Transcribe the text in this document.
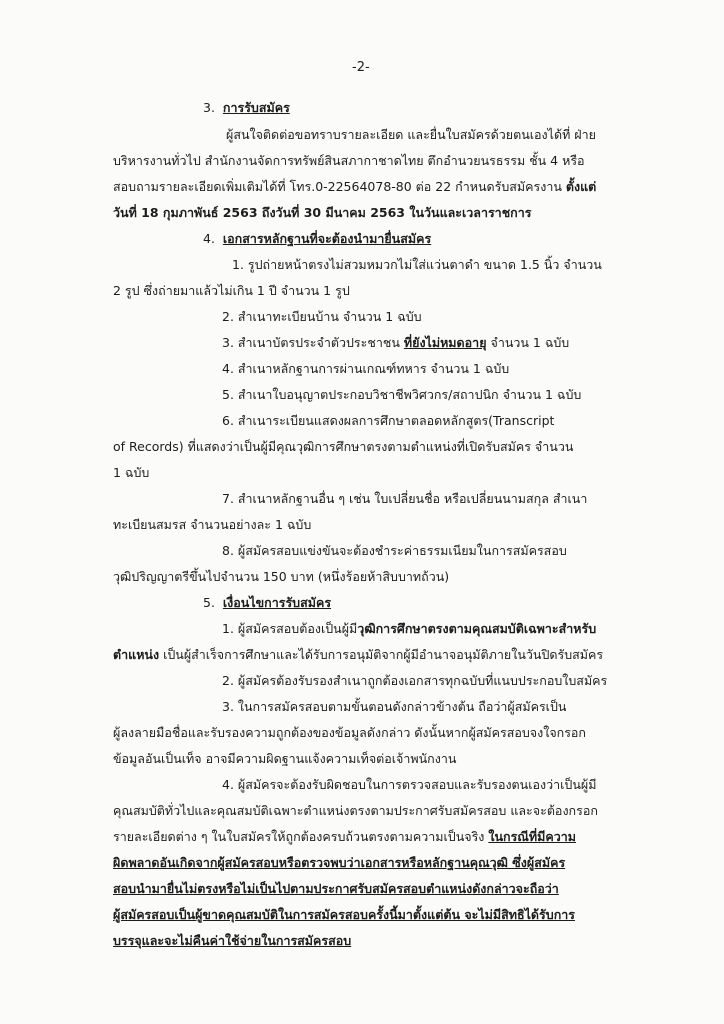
-2-
3. การรับสมัคร
ผู้สนใจติดต่อขอทราบรายละเอียด และยื่นใบสมัครด้วยตนเองได้ที่ ฝ่าย
บริหารงานทั่วไป สำนักงานจัดการทรัพย์สินสภากาชาดไทย ตึกอำนวยนรธรรม ชั้น 4 หรือ
สอบถามรายละเอียดเพิ่มเติมได้ที่ โทร.0-22564078-80 ต่อ 22 กำหนดรับสมัครงาน ตั้งแต่
วันที่ 18 กุมภาพันธ์ 2563 ถึงวันที่ 30 มีนาคม 2563 ในวันและเวลาราชการ
4. เอกสารหลักฐานที่จะต้องนำมายื่นสมัคร
1. รูปถ่ายหน้าตรงไม่สวมหมวกไม่ใส่แว่นตาดำ ขนาด 1.5 นิ้ว จำนวน
2 รูป ซึ่งถ่ายมาแล้วไม่เกิน 1 ปี จำนวน 1 รูป
2. สำเนาทะเบียนบ้าน จำนวน 1 ฉบับ
3. สำเนาบัตรประจำตัวประชาชน ที่ยังไม่หมดอายุ จำนวน 1 ฉบับ
4. สำเนาหลักฐานการผ่านเกณฑ์ทหาร จำนวน 1 ฉบับ
5. สำเนาใบอนุญาตประกอบวิชาชีพวิศวกร/สถาปนิก จำนวน 1 ฉบับ
6. สำเนาระเบียนแสดงผลการศึกษาตลอดหลักสูตร(Transcript
of Records) ที่แสดงว่าเป็นผู้มีคุณวุฒิการศึกษาตรงตามตำแหน่งที่เปิดรับสมัคร จำนวน
1 ฉบับ
7. สำเนาหลักฐานอื่น ๆ เช่น ใบเปลี่ยนชื่อ หรือเปลี่ยนนามสกุล สำเนา
ทะเบียนสมรส จำนวนอย่างละ 1 ฉบับ
8. ผู้สมัครสอบแข่งขันจะต้องชำระค่าธรรมเนียมในการสมัครสอบ
วุฒิปริญญาตรีขึ้นไปจำนวน 150 บาท (หนึ่งร้อยห้าสิบบาทถ้วน)
5. เงื่อนไขการรับสมัคร
1. ผู้สมัครสอบต้องเป็นผู้มีวุฒิการศึกษาตรงตามคุณสมบัติเฉพาะสำหรับ
ตำแหน่ง เป็นผู้สำเร็จการศึกษาและได้รับการอนุมัติจากผู้มีอำนาจอนุมัติภายในวันปิดรับสมัคร
2. ผู้สมัครต้องรับรองสำเนาถูกต้องเอกสารทุกฉบับที่แนบประกอบใบสมัคร
3. ในการสมัครสอบตามขั้นตอนดังกล่าวข้างต้น ถือว่าผู้สมัครเป็น
ผู้ลงลายมือชื่อและรับรองความถูกต้องของข้อมูลดังกล่าว ดังนั้นหากผู้สมัครสอบจงใจกรอก
ข้อมูลอันเป็นเท็จ อาจมีความผิดฐานแจ้งความเท็จต่อเจ้าพนักงาน
4. ผู้สมัครจะต้องรับผิดชอบในการตรวจสอบและรับรองตนเองว่าเป็นผู้มี
คุณสมบัติทั่วไปและคุณสมบัติเฉพาะตำแหน่งตรงตามประกาศรับสมัครสอบ และจะต้องกรอก
รายละเอียดต่าง ๆ ในใบสมัครให้ถูกต้องครบถ้วนตรงตามความเป็นจริง ในกรณีที่มีความ
ผิดพลาดอันเกิดจากผู้สมัครสอบหรือตรวจพบว่าเอกสารหรือหลักฐานคุณวุฒิ ซึ่งผู้สมัคร
สอบนำมายื่นไม่ตรงหรือไม่เป็นไปตามประกาศรับสมัครสอบตำแหน่งดังกล่าวจะถือว่า
ผู้สมัครสอบเป็นผู้ขาดคุณสมบัติในการสมัครสอบครั้งนี้มาตั้งแต่ต้น จะไม่มีสิทธิได้รับการ
บรรจุและจะไม่คืนค่าใช้จ่ายในการสมัครสอบ
